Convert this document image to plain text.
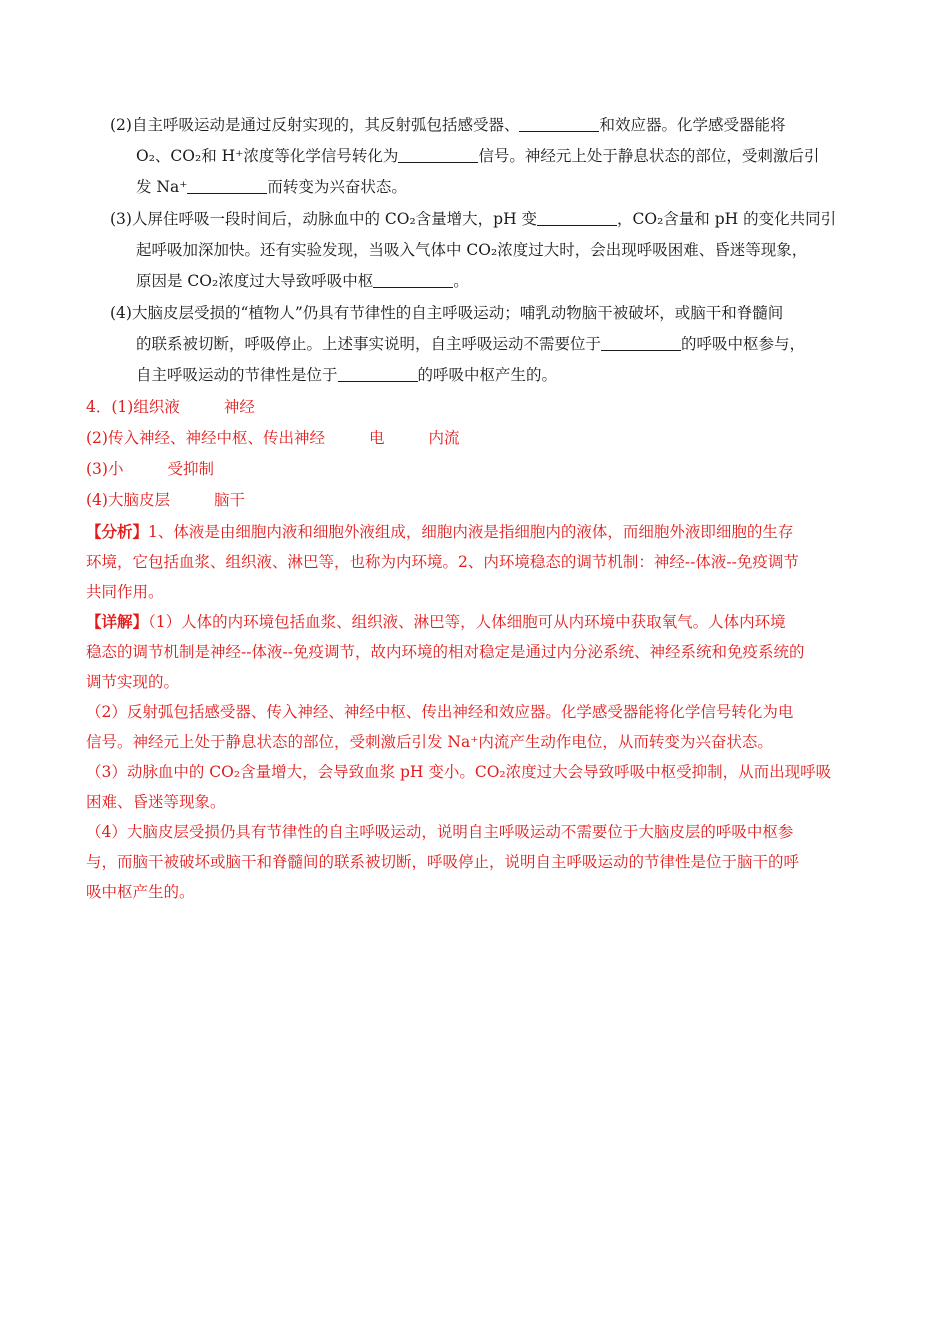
(2)自主呼吸运动是通过反射实现的，其反射弧包括感受器、	和效应器。化学感受器能将
O₂、CO₂和 H⁺浓度等化学信号转化为	信号。神经元上处于静息状态的部位，受刺激后引
发 Na⁺	而转变为兴奋状态。
(3)人屏住呼吸一段时间后，动脉血中的 CO₂含量增大，pH 变	，CO₂含量和 pH 的变化共同引
起呼吸加深加快。还有实验发现，当吸入气体中 CO₂浓度过大时，会出现呼吸困难、昏迷等现象，
原因是 CO₂浓度过大导致呼吸中枢	。
(4)大脑皮层受损的“植物人”仍具有节律性的自主呼吸运动；哺乳动物脑干被破坏，或脑干和脊髓间
的联系被切断，呼吸停止。上述事实说明，自主呼吸运动不需要位于	的呼吸中枢参与，
自主呼吸运动的节律性是位于	的呼吸中枢产生的。
4．(1)组织液	神经
(2)传入神经、神经中枢、传出神经	电	内流
(3)小	受抑制
(4)大脑皮层	脑干
【分析】1、体液是由细胞内液和细胞外液组成，细胞内液是指细胞内的液体，而细胞外液即细胞的生存
环境，它包括血浆、组织液、淋巴等，也称为内环境。2、内环境稳态的调节机制：神经--体液--免疫调节
共同作用。
【详解】（1）人体的内环境包括血浆、组织液、淋巴等，人体细胞可从内环境中获取氧气。人体内环境
稳态的调节机制是神经--体液--免疫调节，故内环境的相对稳定是通过内分泌系统、神经系统和免疫系统的
调节实现的。
（2）反射弧包括感受器、传入神经、神经中枢、传出神经和效应器。化学感受器能将化学信号转化为电
信号。神经元上处于静息状态的部位，受刺激后引发 Na⁺内流产生动作电位，从而转变为兴奋状态。
（3）动脉血中的 CO₂含量增大，会导致血浆 pH 变小。CO₂浓度过大会导致呼吸中枢受抑制，从而出现呼吸
困难、昏迷等现象。
（4）大脑皮层受损仍具有节律性的自主呼吸运动，说明自主呼吸运动不需要位于大脑皮层的呼吸中枢参
与，而脑干被破坏或脑干和脊髓间的联系被切断，呼吸停止，说明自主呼吸运动的节律性是位于脑干的呼
吸中枢产生的。
